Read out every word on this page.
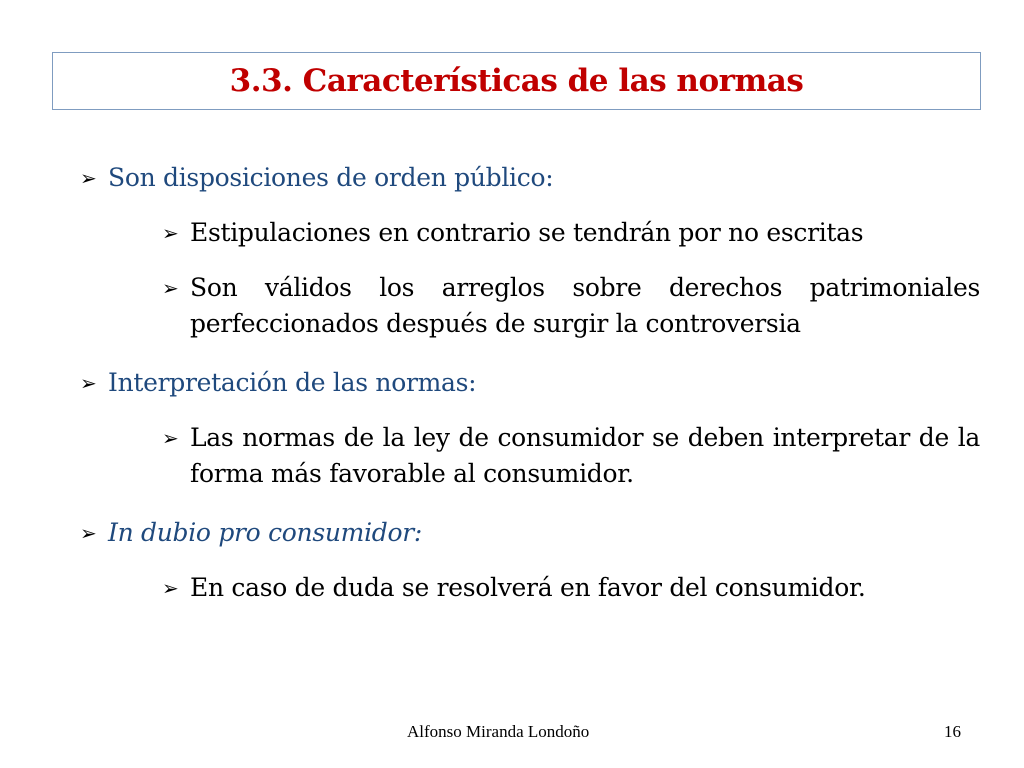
3.3. Características de las normas
➢ Son disposiciones de orden público:
➢ Estipulaciones en contrario se tendrán por no escritas
➢ Son válidos los arreglos sobre derechos patrimoniales perfeccionados después de surgir la controversia
➢ Interpretación de las normas:
➢ Las normas de la ley de consumidor se deben interpretar de la forma más favorable al consumidor.
➢ In dubio pro consumidor:
➢ En caso de duda se resolverá en favor del consumidor.
Alfonso Miranda Londoño	16
